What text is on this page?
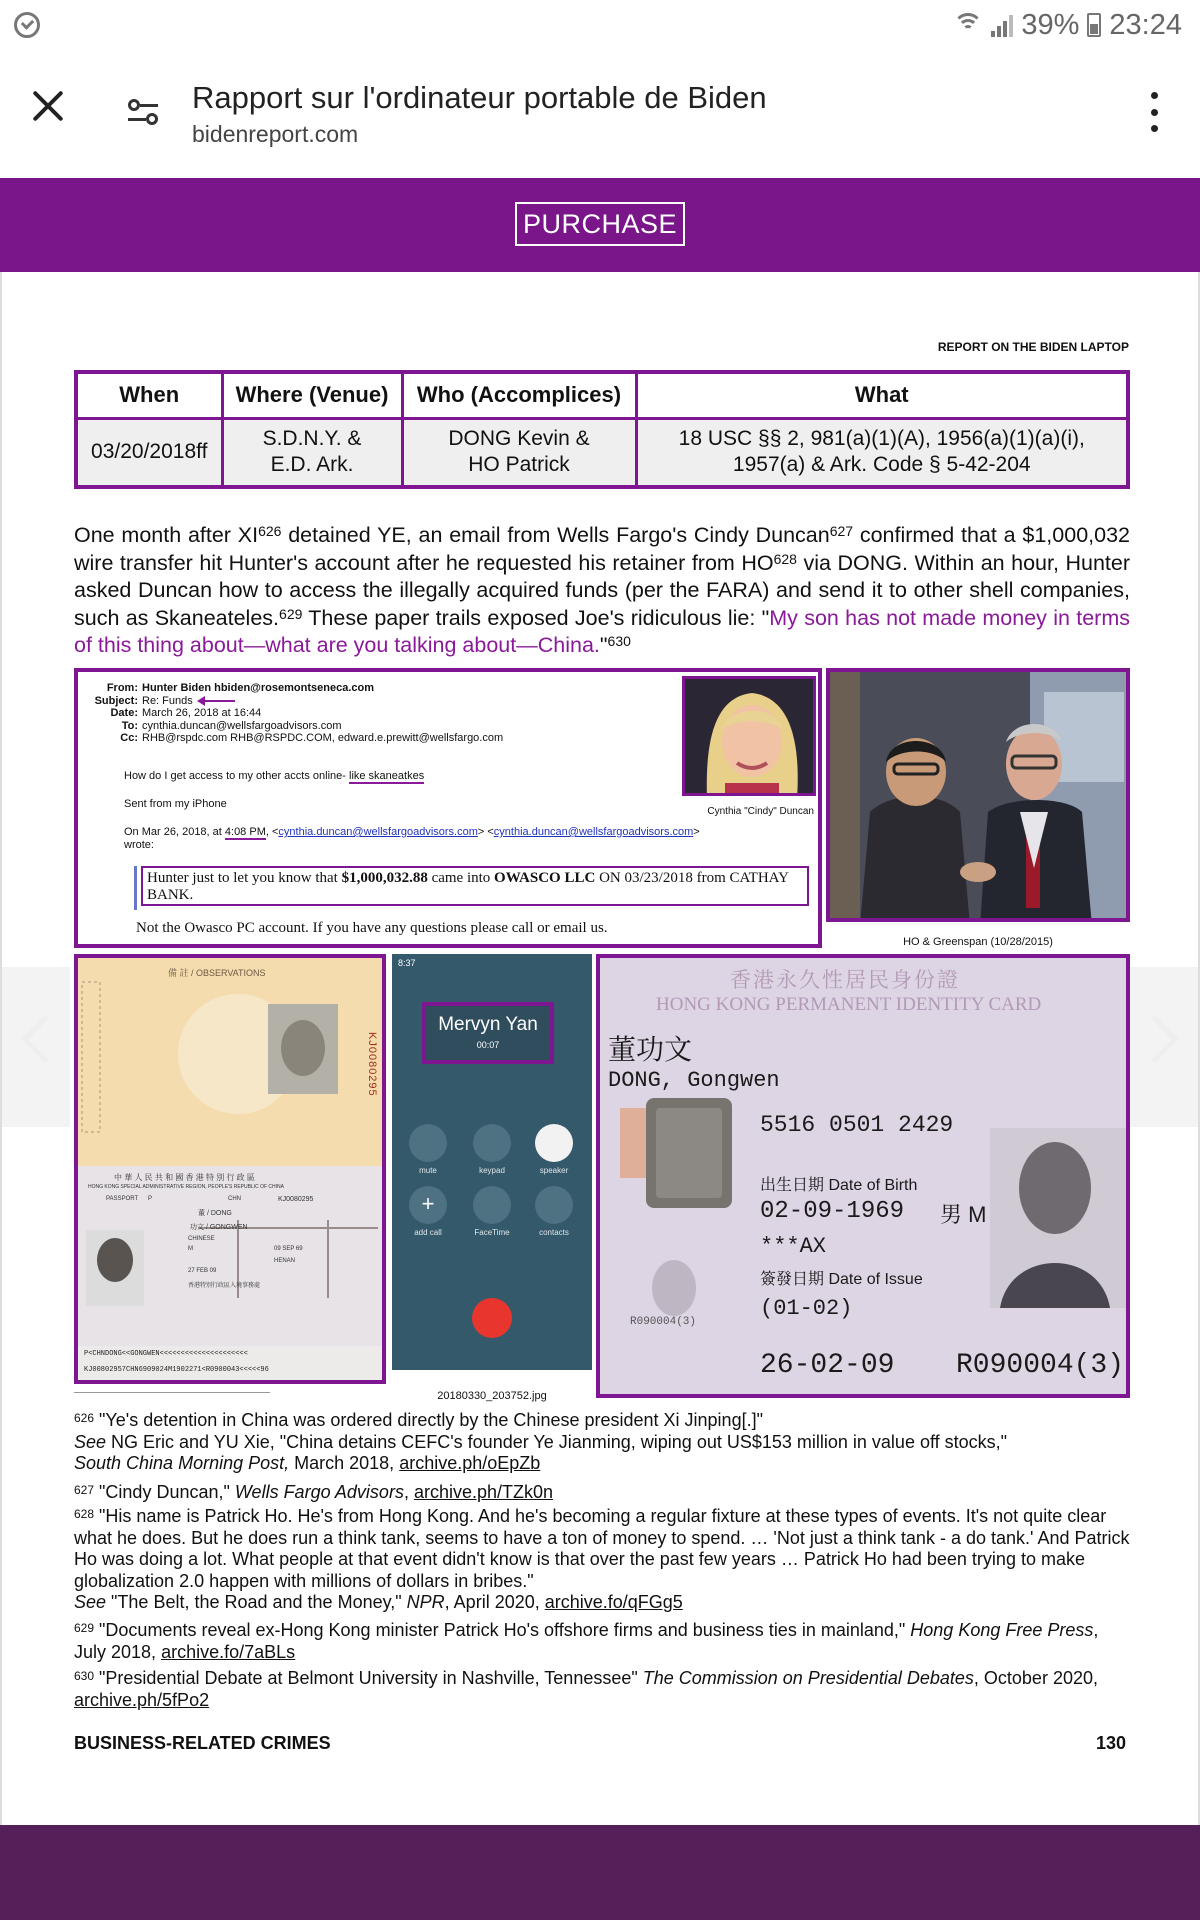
39% 23:24
Rapport sur l'ordinateur portable de Biden
bidenreport.com
PURCHASE
REPORT ON THE BIDEN LAPTOP
When	Where (Venue)	Who (Accomplices)	What
03/20/2018ff	S.D.N.Y. & E.D. Ark.	DONG Kevin & HO Patrick	18 USC §§ 2, 981(a)(1)(A), 1956(a)(1)(a)(i), 1957(a) & Ark. Code § 5-42-204
One month after XI$^{626}$ detained YE, an email from Wells Fargo's Cindy Duncan$^{627}$ confirmed that a $1,000,032 wire transfer hit Hunter's account after he requested his retainer from HO$^{628}$ via DONG. Within an hour, Hunter asked Duncan how to access the illegally acquired funds (per the FARA) and send it to other shell companies, such as Skaneateles.$^{629}$ These paper trails exposed Joe's ridiculous lie: "My son has not made money in terms of this thing about—what are you talking about—China."$^{630}$
From: Hunter Biden hbiden@rosemontseneca.com
Subject: Re: Funds
Date: March 26, 2018 at 16:44
To: cynthia.duncan@wellsfargoadvisors.com
Cc: RHB@rspdc.com RHB@RSPDC.COM, edward.e.prewitt@wellsfargo.com
How do I get access to my other accts online- like skaneatkes
Sent from my iPhone
On Mar 26, 2018, at 4:08 PM, <cynthia.duncan@wellsfargoadvisors.com> <cynthia.duncan@wellsfargoadvisors.com>
wrote:
Hunter just to let you know that $1,000,032.88 came into OWASCO LLC ON 03/23/2018 from CATHAY BANK.
Not the Owasco PC account. If you have any questions please call or email us.
Cynthia "Cindy" Duncan
HO & Greenspan (10/28/2015)
備 註 / OBSERVATIONS
KJ0080295
中 華 人 民 共 和 國 香 港 特 別 行 政 區
HONG KONG SPECIAL ADMINISTRATIVE REGION, PEOPLE'S REPUBLIC OF CHINA
PASSPORT P	CHN	KJ0080295
董 / DONG
功文 / GONGWEN
CHINESE
M	09 SEP 69
HENAN
27 FEB 09
香港特別行政區入境事務處
P<CHNDONG<<GONGWEN<<<<<<<<<<<<<<<<<<<<<
KJ00802957CHN6909024M1902271<R0900043<<<<<96
8:37
Mervyn Yan
00:07
mute	keypad	speaker
+
add call	FaceTime	contacts
20180330_203752.jpg
香港永久性居民身份證
HONG KONG PERMANENT IDENTITY CARD
董功文
DONG, Gongwen
5516 0501 2429
出生日期 Date of Birth
02-09-1969 男 M
***AX
簽發日期 Date of Issue
(01-02)
R090004(3)
26-02-09 R090004(3)
$^{626}$ "Ye's detention in China was ordered directly by the Chinese president Xi Jinping[.]"
See NG Eric and YU Xie, "China detains CEFC's founder Ye Jianming, wiping out US$153 million in value off stocks,"
South China Morning Post, March 2018, archive.ph/oEpZb
$^{627}$ "Cindy Duncan," Wells Fargo Advisors, archive.ph/TZk0n
$^{628}$ "His name is Patrick Ho. He's from Hong Kong. And he's becoming a regular fixture at these types of events. It's not quite clear what he does. But he does run a think tank, seems to have a ton of money to spend. … 'Not just a think tank - a do tank.' And Patrick Ho was doing a lot. What people at that event didn't know is that over the past few years … Patrick Ho had been trying to make globalization 2.0 happen with millions of dollars in bribes."
See "The Belt, the Road and the Money," NPR, April 2020, archive.fo/qFGg5
$^{629}$ "Documents reveal ex-Hong Kong minister Patrick Ho's offshore firms and business ties in mainland," Hong Kong Free Press, July 2018, archive.fo/7aBLs
$^{630}$ "Presidential Debate at Belmont University in Nashville, Tennessee" The Commission on Presidential Debates, October 2020, archive.ph/5fPo2
BUSINESS-RELATED CRIMES	130
